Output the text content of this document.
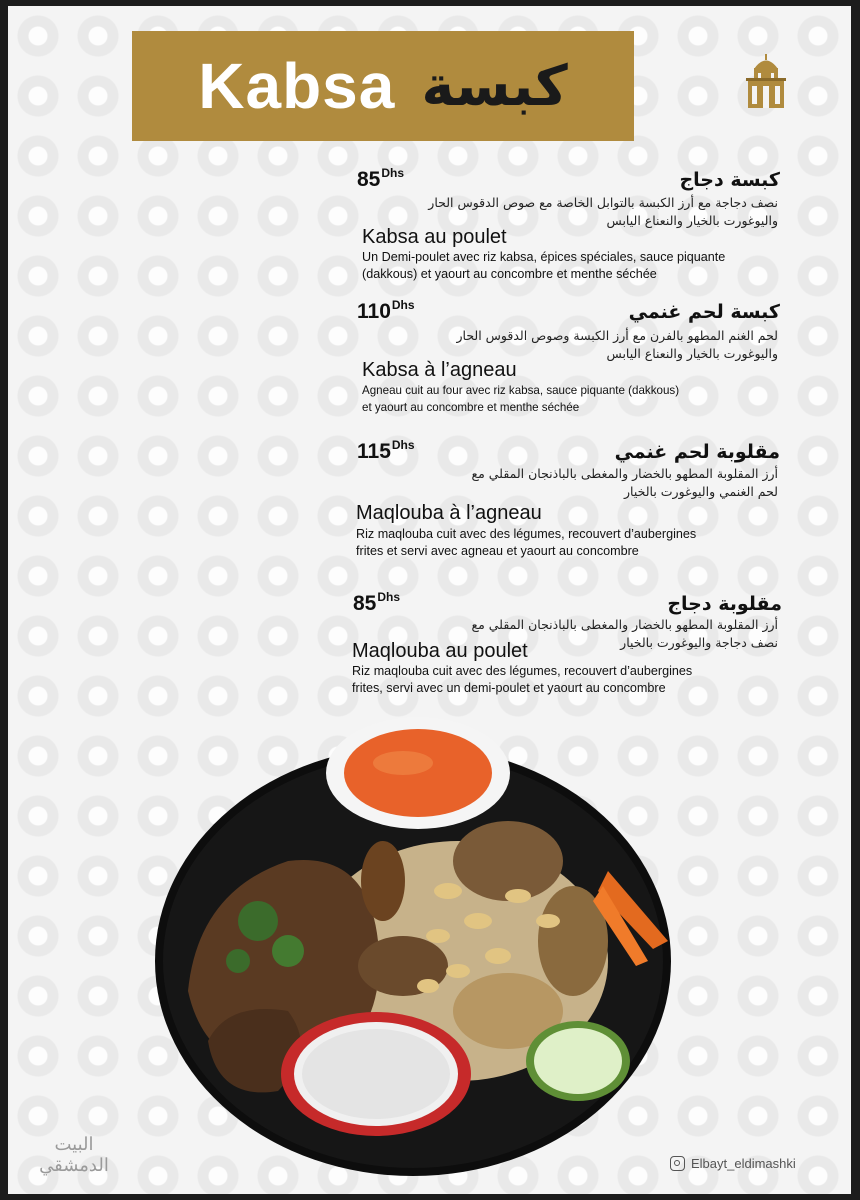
Kabsa كبسة
$85^{Dhs}$	كبسة دجاج
نصف دجاجة مع أرز الكبسة بالتوابل الخاصة مع صوص الدقوس الحار
واليوغورت بالخيار والنعناع اليابس
Kabsa au poulet
Un Demi-poulet avec riz kabsa, épices spéciales, sauce piquante
(dakkous) et yaourt au concombre et menthe séchée
$110^{Dhs}$	كبسة لحم غنمي
لحم الغنم المطهو بالفرن مع أرز الكبسة وصوص الدقوس الحار
واليوغورت بالخيار والنعناع اليابس
Kabsa à l’agneau
Agneau cuit au four avec riz kabsa, sauce piquante (dakkous)
et yaourt au concombre et menthe séchée
$115^{Dhs}$	مقلوبة لحم غنمي
أرز المقلوبة المطهو بالخضار والمغطى بالباذنجان المقلي مع
لحم الغنمي واليوغورت بالخيار
Maqlouba à l’agneau
Riz maqlouba cuit avec des légumes, recouvert d’aubergines
frites et servi avec agneau et yaourt au concombre
$85^{Dhs}$	مقلوبة دجاج
أرز المقلوبة المطهو بالخضار والمغطى بالباذنجان المقلي مع
نصف دجاجة واليوغورت بالخيار
Maqlouba au poulet
Riz maqlouba cuit avec des légumes, recouvert d’aubergines
frites, servi avec un demi-poulet et yaourt au concombre
البيت الدمشقي	Elbayt_eldimashki
